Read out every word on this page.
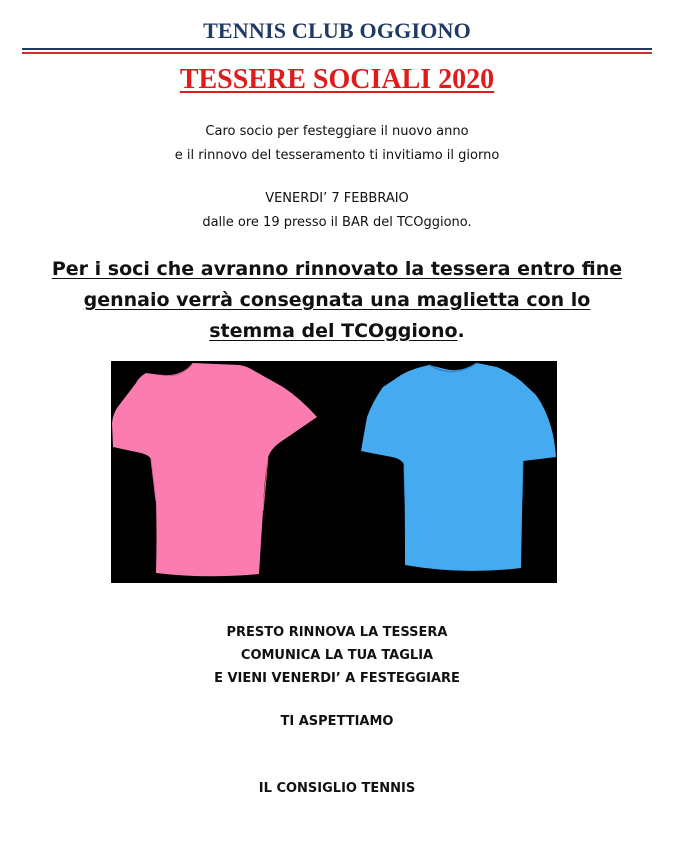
TENNIS CLUB OGGIONO
TESSERE SOCIALI 2020
Caro socio per festeggiare il nuovo anno
e il rinnovo del tesseramento ti invitiamo il giorno
VENERDI’ 7 FEBBRAIO
dalle ore 19 presso il BAR del TCOggiono.
Per i soci che avranno rinnovato la tessera entro fine
gennaio verrà consegnata una maglietta con lo
stemma del TCOggiono.
PRESTO RINNOVA LA TESSERA
COMUNICA LA TUA TAGLIA
E VIENI VENERDI’ A FESTEGGIARE
TI ASPETTIAMO
IL CONSIGLIO TENNIS
